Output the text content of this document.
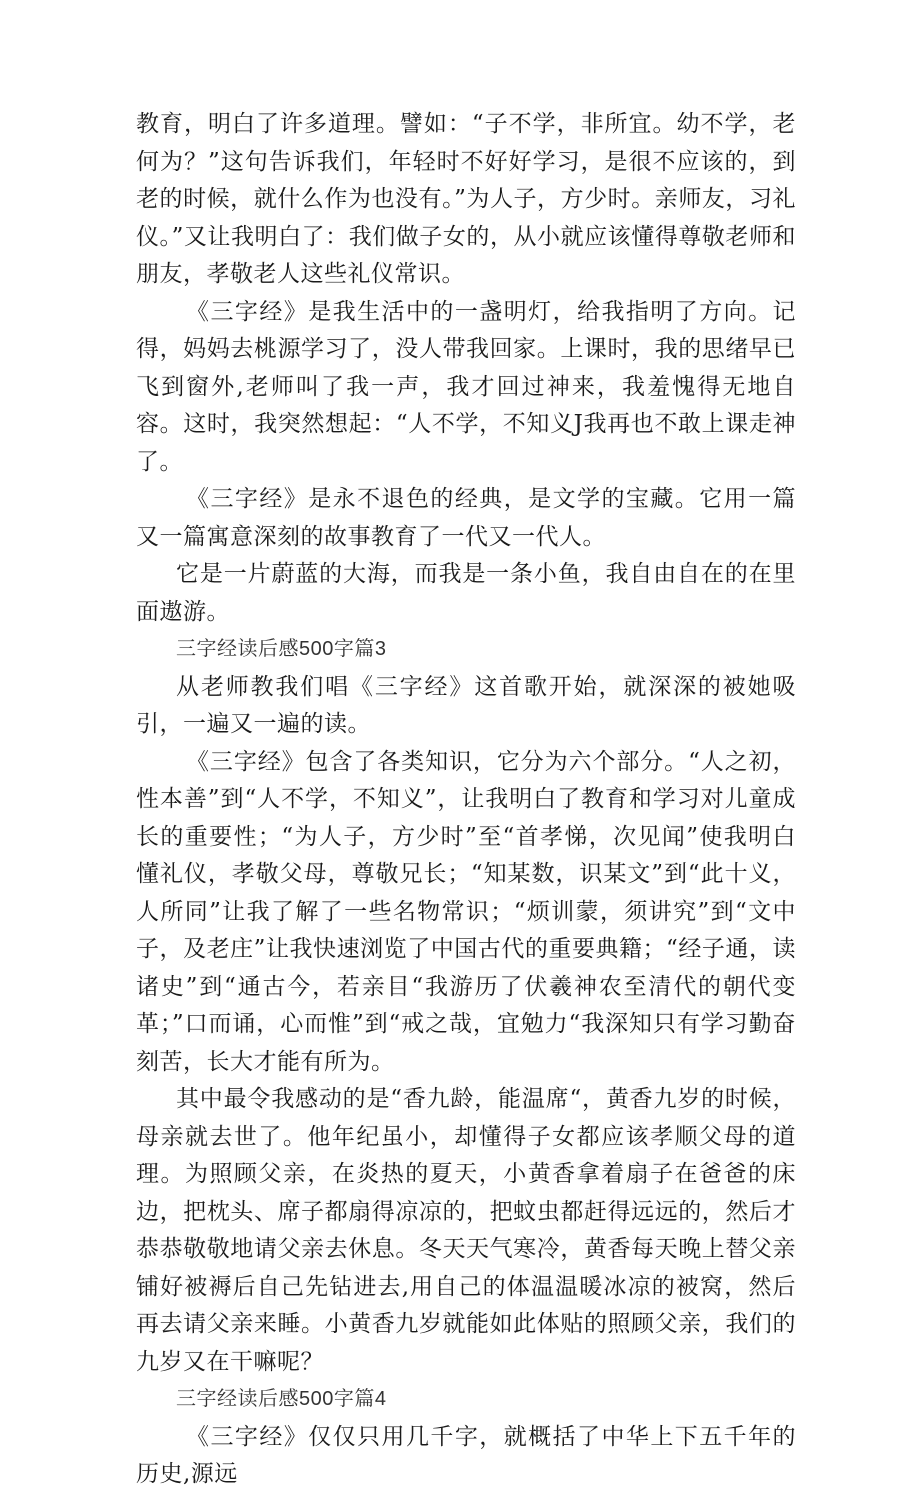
教育，明白了许多道理。譬如：“子不学，非所宜。幼不学，老何为？”这句告诉我们，年轻时不好好学习，是很不应该的，到老的时候，就什么作为也没有。”为人子，方少时。亲师友，习礼仪。”又让我明白了：我们做子女的，从小就应该懂得尊敬老师和朋友，孝敬老人这些礼仪常识。

《三字经》是我生活中的一盏明灯，给我指明了方向。记得，妈妈去桃源学习了，没人带我回家。上课时，我的思绪早已飞到窗外,老师叫了我一声，我才回过神来，我羞愧得无地自容。这时，我突然想起：“人不学，不知义J我再也不敢上课走神了。

《三字经》是永不退色的经典，是文学的宝藏。它用一篇又一篇寓意深刻的故事教育了一代又一代人。

它是一片蔚蓝的大海，而我是一条小鱼，我自由自在的在里面遨游。

三字经读后感500字篇3

从老师教我们唱《三字经》这首歌开始，就深深的被她吸引，一遍又一遍的读。

《三字经》包含了各类知识，它分为六个部分。“人之初，性本善”到“人不学，不知义”，让我明白了教育和学习对儿童成长的重要性；“为人子，方少时”至“首孝悌，次见闻”使我明白懂礼仪，孝敬父母，尊敬兄长；“知某数，识某文”到“此十义，人所同”让我了解了一些名物常识；“烦训蒙，须讲究”到“文中子，及老庄”让我快速浏览了中国古代的重要典籍；“经子通，读诸史”到“通古今，若亲目“我游历了伏羲神农至清代的朝代变革；”口而诵，心而惟”到“戒之哉，宜勉力“我深知只有学习勤奋刻苦，长大才能有所为。

其中最令我感动的是“香九龄，能温席“，黄香九岁的时候，母亲就去世了。他年纪虽小，却懂得子女都应该孝顺父母的道理。为照顾父亲，在炎热的夏天，小黄香拿着扇子在爸爸的床边，把枕头、席子都扇得凉凉的，把蚊虫都赶得远远的，然后才恭恭敬敬地请父亲去休息。冬天天气寒冷，黄香每天晚上替父亲铺好被褥后自己先钻进去,用自己的体温温暖冰凉的被窝，然后再去请父亲来睡。小黄香九岁就能如此体贴的照顾父亲，我们的九岁又在干嘛呢？

三字经读后感500字篇4

《三字经》仅仅只用几千字，就概括了中华上下五千年的历史,源远
